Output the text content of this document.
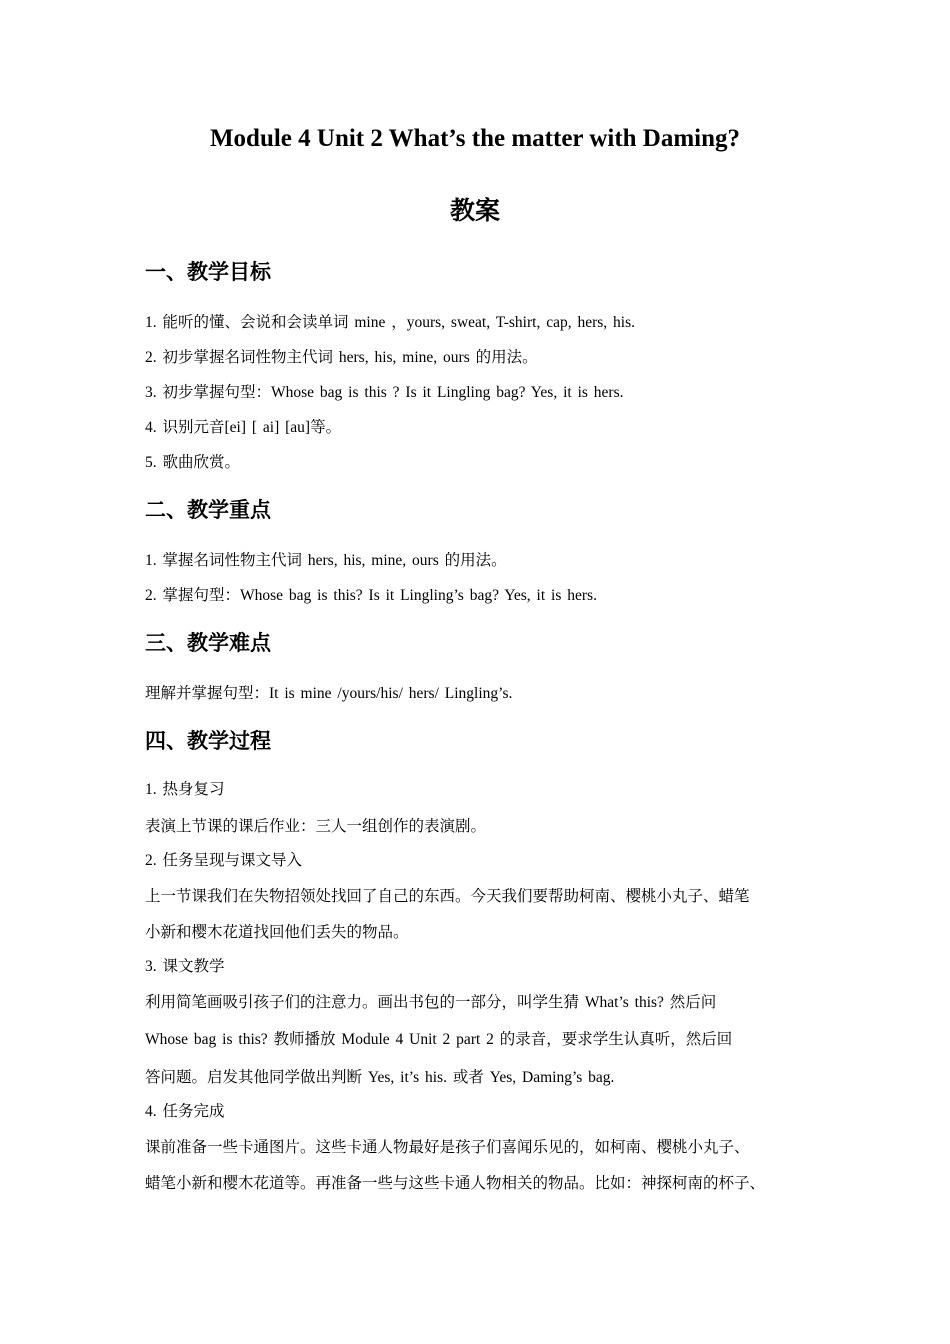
Module 4 Unit 2 What’s the matter with Daming?
教案
一、教学目标
1. 能听的懂、会说和会读单词 mine ，yours, sweat, T-shirt, cap, hers, his.
2. 初步掌握名词性物主代词 hers, his, mine, ours 的用法。
3. 初步掌握句型：Whose bag is this ? Is it Lingling bag? Yes, it is hers.
4. 识别元音[ei] [ ai] [au]等。
5. 歌曲欣赏。
二、教学重点
1. 掌握名词性物主代词 hers, his, mine, ours 的用法。
2. 掌握句型：Whose bag is this? Is it Lingling’s bag? Yes, it is hers.
三、教学难点
理解并掌握句型：It is mine /yours/his/ hers/ Lingling’s.
四、教学过程
1. 热身复习
表演上节课的课后作业：三人一组创作的表演剧。
2. 任务呈现与课文导入
上一节课我们在失物招领处找回了自己的东西。今天我们要帮助柯南、樱桃小丸子、蜡笔
小新和樱木花道找回他们丢失的物品。
3. 课文教学
利用简笔画吸引孩子们的注意力。画出书包的一部分，叫学生猜 What’s this? 然后问
Whose bag is this? 教师播放 Module 4 Unit 2 part 2 的录音，要求学生认真听，然后回
答问题。启发其他同学做出判断 Yes, it’s his. 或者 Yes, Daming’s bag.
4. 任务完成
课前准备一些卡通图片。这些卡通人物最好是孩子们喜闻乐见的，如柯南、樱桃小丸子、
蜡笔小新和樱木花道等。再准备一些与这些卡通人物相关的物品。比如：神探柯南的杯子、
